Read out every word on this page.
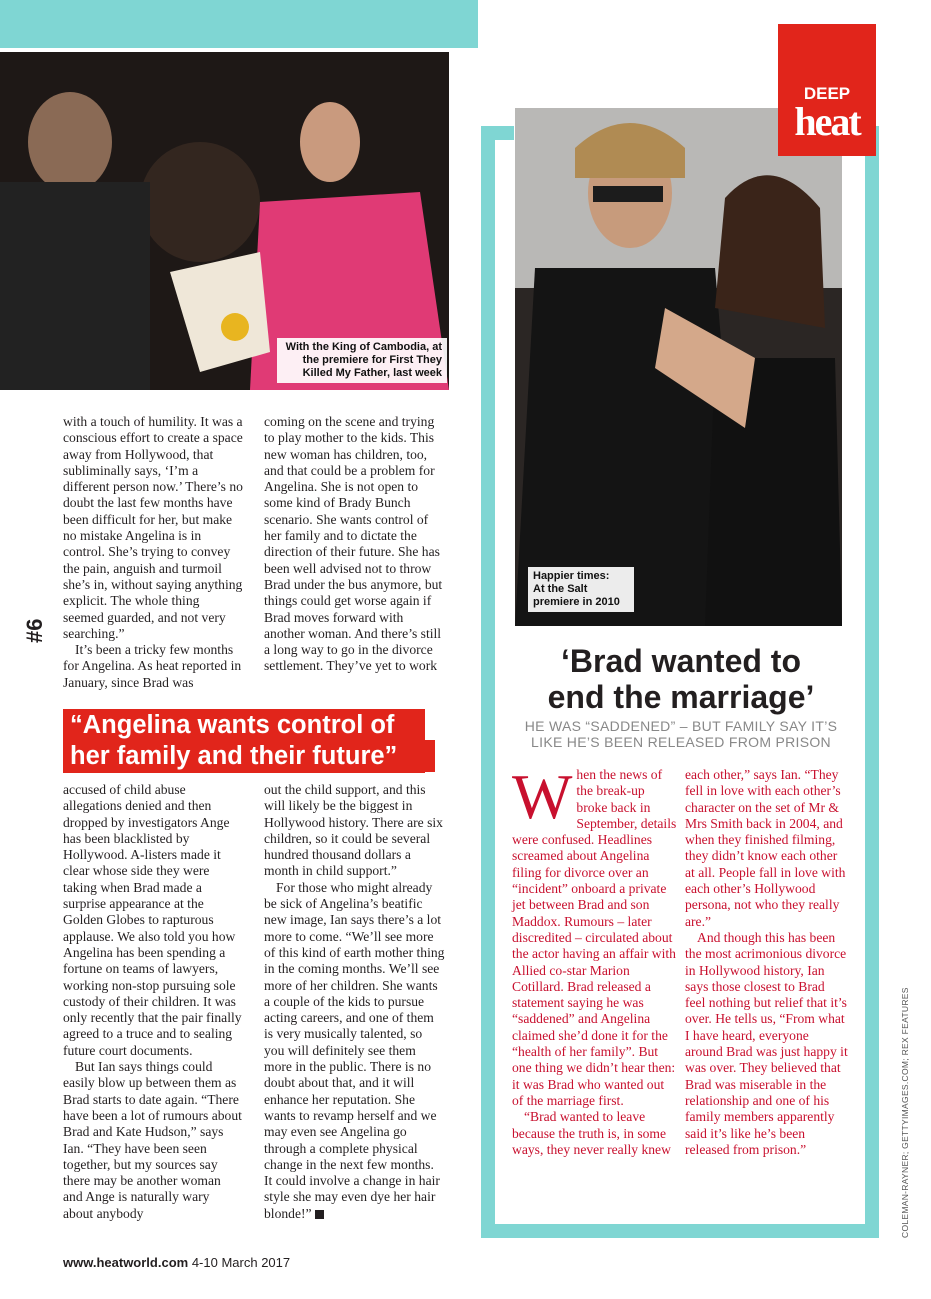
With the King of Cambodia, at
the premiere for First They
Killed My Father, last week
Happier times:
At the Salt
premiere in 2010
DEEP
heat
#6

with a touch of humility. It was a conscious effort to create a space away from Hollywood, that subliminally says, ‘I’m a different person now.’ There’s no doubt the last few months have been difficult for her, but make no mistake Angelina is in control. She’s trying to convey the pain, anguish and turmoil she’s in, without saying anything explicit. The whole thing seemed guarded, and not very searching.”

It’s been a tricky few months for Angelina. As heat reported in January, since Brad was

coming on the scene and trying to play mother to the kids. This new woman has children, too, and that could be a problem for Angelina. She is not open to some kind of Brady Bunch scenario. She wants control of her family and to dictate the direction of their future. She has been well advised not to throw Brad under the bus anymore, but things could get worse again if Brad moves forward with another woman. And there’s still a long way to go in the divorce settlement. They’ve yet to work

“Angelina wants control of
her family and their future”

accused of child abuse allegations denied and then dropped by investigators Ange has been blacklisted by Hollywood. A-listers made it clear whose side they were taking when Brad made a surprise appearance at the Golden Globes to rapturous applause. We also told you how Angelina has been spending a fortune on teams of lawyers, working non-stop pursuing sole custody of their children. It was only recently that the pair finally agreed to a truce and to sealing future court documents.

But Ian says things could easily blow up between them as Brad starts to date again. “There have been a lot of rumours about Brad and Kate Hudson,” says Ian. “They have been seen together, but my sources say there may be another woman and Ange is naturally wary about anybody

out the child support, and this will likely be the biggest in Hollywood history. There are six children, so it could be several hundred thousand dollars a month in child support.”

For those who might already be sick of Angelina’s beatific new image, Ian says there’s a lot more to come. “We’ll see more of this kind of earth mother thing in the coming months. We’ll see more of her children. She wants a couple of the kids to pursue acting careers, and one of them is very musically talented, so you will definitely see them more in the public. There is no doubt about that, and it will enhance her reputation. She wants to revamp herself and we may even see Angelina go through a complete physical change in the next few months. It could involve a change in hair style she may even dye her hair blonde!”

‘Brad wanted to
end the marriage’
HE WAS “SADDENED” – BUT FAMILY SAY IT’S
LIKE HE’S BEEN RELEASED FROM PRISON

When the news of the break-up broke back in September, details were confused. Headlines screamed about Angelina filing for divorce over an “incident” onboard a private jet between Brad and son Maddox. Rumours – later discredited – circulated about the actor having an affair with Allied co-star Marion Cotillard. Brad released a statement saying he was “saddened” and Angelina claimed she’d done it for the “health of her family”. But one thing we didn’t hear then: it was Brad who wanted out of the marriage first.

“Brad wanted to leave because the truth is, in some ways, they never really knew

each other,” says Ian. “They fell in love with each other’s character on the set of Mr & Mrs Smith back in 2004, and when they finished filming, they didn’t know each other at all. People fall in love with each other’s Hollywood persona, not who they really are.”

And though this has been the most acrimonious divorce in Hollywood history, Ian says those closest to Brad feel nothing but relief that it’s over. He tells us, “From what I have heard, everyone around Brad was just happy it was over. They believed that Brad was miserable in the relationship and one of his family members apparently said it’s like he’s been released from prison.”	COLEMAN-RAYNER; GETTYIMAGES.COM; REX FEATURES
www.heatworld.com 4-10 March 2017
